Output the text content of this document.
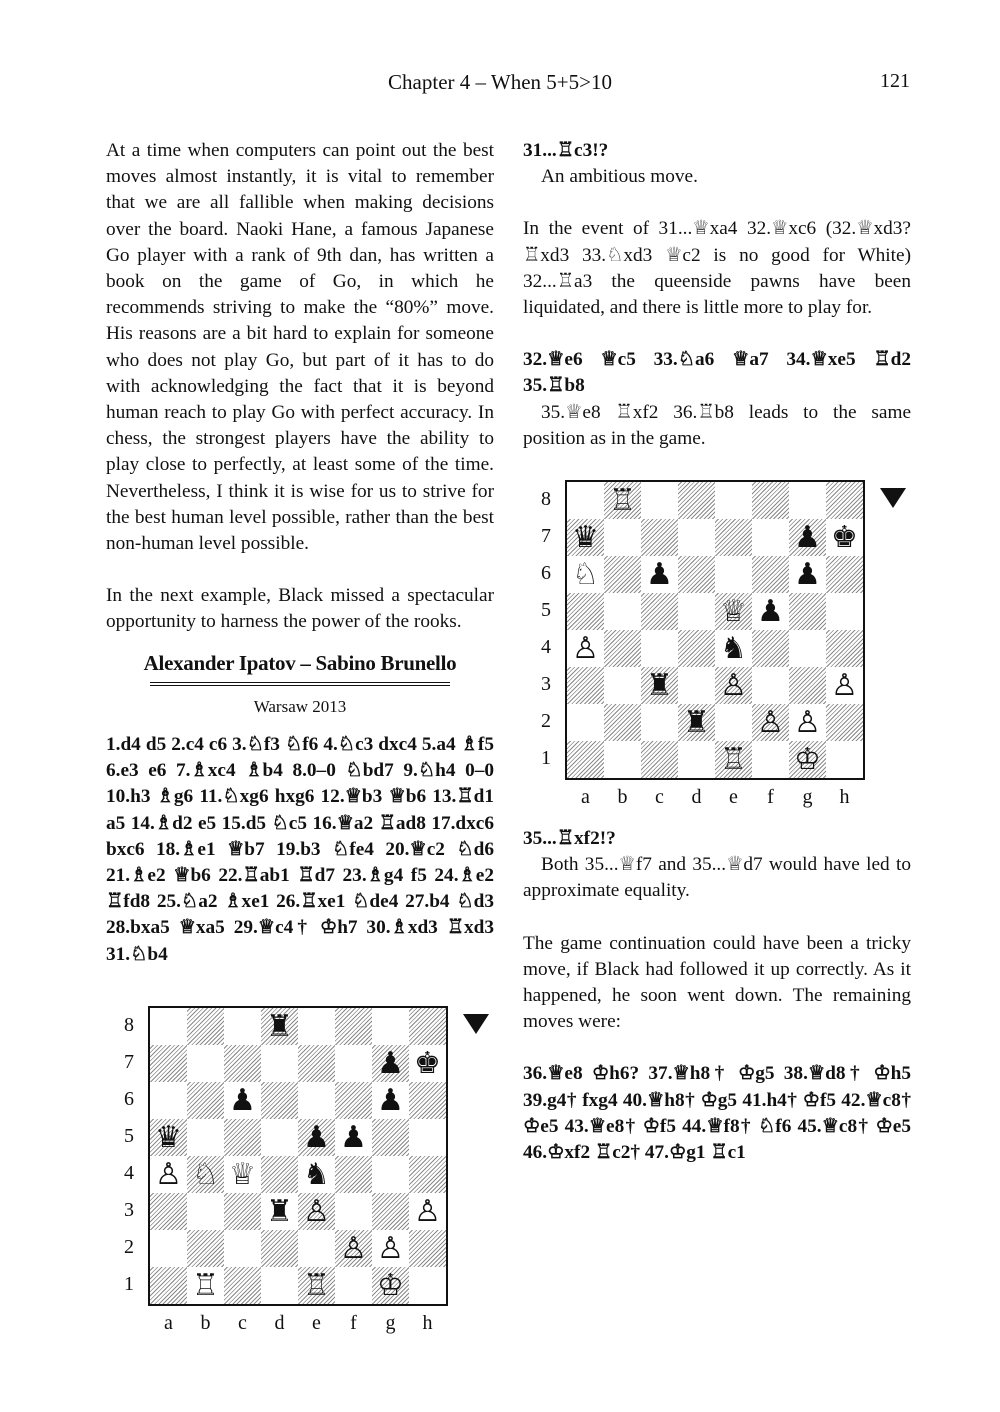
Chapter 4 – When 5+5>10	121

At a time when computers can point out the best moves almost instantly, it is vital to remember that we are all fallible when making decisions over the board. Naoki Hane, a famous Japanese Go player with a rank of 9th dan, has written a book on the game of Go, in which he recommends striving to make the “80%” move. His reasons are a bit hard to explain for someone who does not play Go, but part of it has to do with acknowledging the fact that it is beyond human reach to play Go with perfect accuracy. In chess, the strongest players have the ability to play close to perfectly, at least some of the time. Nevertheless, I think it is wise for us to strive for the best human level possible, rather than the best non-human level possible.

In the next example, Black missed a spectacular opportunity to harness the power of the rooks.

Alexander Ipatov – Sabino Brunello
Warsaw 2013

1.d4 d5 2.c4 c6 3.♘f3 ♘f6 4.♘c3 dxc4 5.a4 ♗f5 6.e3 e6 7.♗xc4 ♗b4 8.0–0 ♘bd7 9.♘h4 0–0 10.h3 ♗g6 11.♘xg6 hxg6 12.♕b3 ♕b6 13.♖d1 a5 14.♗d2 e5 15.d5 ♘c5 16.♕a2 ♖ad8 17.dxc6 bxc6 18.♗e1 ♕b7 19.b3 ♘fe4 20.♕c2 ♘d6 21.♗e2 ♕b6 22.♖ab1 ♖d7 23.♗g4 f5 24.♗e2 ♖fd8 25.♘a2 ♗xe1 26.♖xe1 ♘de4 27.b4 ♘d3 28.bxa5 ♕xa5 29.♕c4† ♔h7 30.♗xd3 ♖xd3 31.♘b4

31...♖c3!?

An ambitious move.

In the event of 31...♕xa4 32.♕xc6 (32.♕xd3? ♖xd3 33.♘xd3 ♕c2 is no good for White) 32...♖a3 the queenside pawns have been liquidated, and there is little more to play for.

32.♕e6 ♕c5 33.♘a6 ♕a7 34.♕xe5 ♖d2 35.♖b8

35.♕e8 ♖xf2 36.♖b8 leads to the same position as in the game.

35...♖xf2!?

Both 35...♕f7 and 35...♕d7 would have led to approximate equality.

The game continuation could have been a tricky move, if Black had followed it up correctly. As it happened, he soon went down. The remaining moves were:

36.♕e8 ♔h6? 37.♕h8† ♔g5 38.♕d8† ♔h5 39.g4† fxg4 40.♕h8† ♔g5 41.h4† ♔f5 42.♕c8† ♔e5 43.♕e8† ♔f5 44.♕f8† ♘f6 45.♕c8† ♔e5 46.♔xf2 ♖c2† 47.♔g1 ♖c1

♜
♟ ♚
♟	♟
♛	♟ ♟
♙ ♘ ♕ ♞
♜ ♙	♙
♙ ♙
♖	♖ ♔
8
7
6
5
4
3
2
1
a	b	c	d	e	f	g	h
♖
♛	♟ ♚
♘ ♟	♟
♕ ♟
♙	♞
♜ ♙	♙
♜ ♙ ♙
♖ ♔
8
7
6
5
4
3
2
1
a	b	c	d	e	f	g	h
